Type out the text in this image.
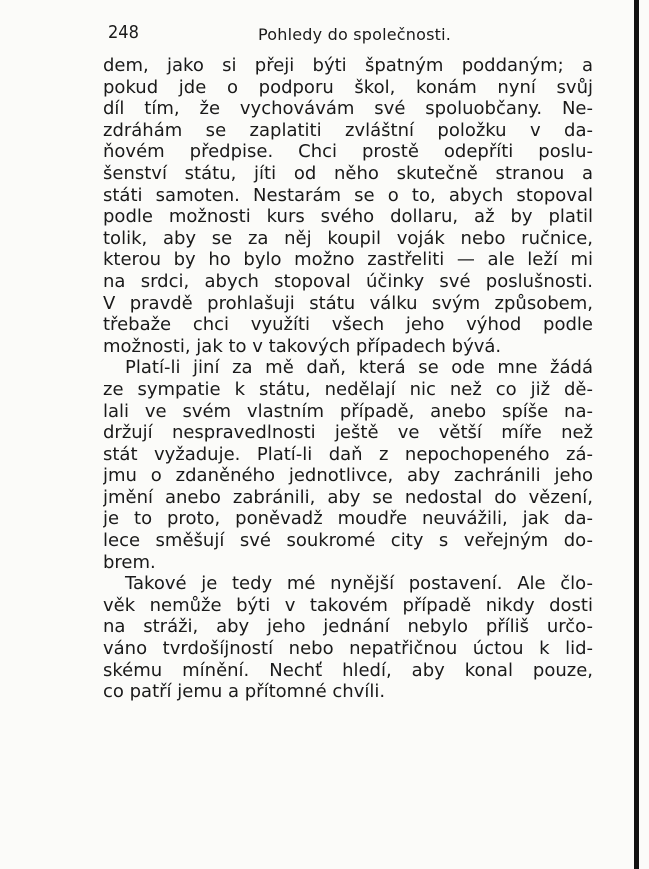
248	Pohledy do společnosti.
dem, jako si přeji býti špatným poddaným; a
pokud jde o podporu škol, konám nyní svůj
díl tím, že vychovávám své spoluobčany. Ne-
zdráhám se zaplatiti zvláštní položku v da-
ňovém předpise. Chci prostě odepříti poslu-
šenství státu, jíti od něho skutečně stranou a
státi samoten. Nestarám se o to, abych stopoval
podle možnosti kurs svého dollaru, až by platil
tolik, aby se za něj koupil voják nebo ručnice,
kterou by ho bylo možno zastřeliti — ale leží mi
na srdci, abych stopoval účinky své poslušnosti.
V pravdě prohlašuji státu válku svým způsobem,
třebaže chci využíti všech jeho výhod podle
možnosti, jak to v takových případech bývá.
Platí-li jiní za mě daň, která se ode mne žádá
ze sympatie k státu, nedělají nic než co již dě-
lali ve svém vlastním případě, anebo spíše na-
držují nespravedlnosti ještě ve větší míře než
stát vyžaduje. Platí-li daň z nepochopeného zá-
jmu o zdaněného jednotlivce, aby zachránili jeho
jmění anebo zabránili, aby se nedostal do vězení,
je to proto, poněvadž moudře neuvážili, jak da-
lece směšují své soukromé city s veřejným do-
brem.
Takové je tedy mé nynější postavení. Ale člo-
věk nemůže býti v takovém případě nikdy dosti
na stráži, aby jeho jednání nebylo příliš určo-
váno tvrdošíjností nebo nepatřičnou úctou k lid-
skému mínění. Nechť hledí, aby konal pouze,
co patří jemu a přítomné chvíli.
